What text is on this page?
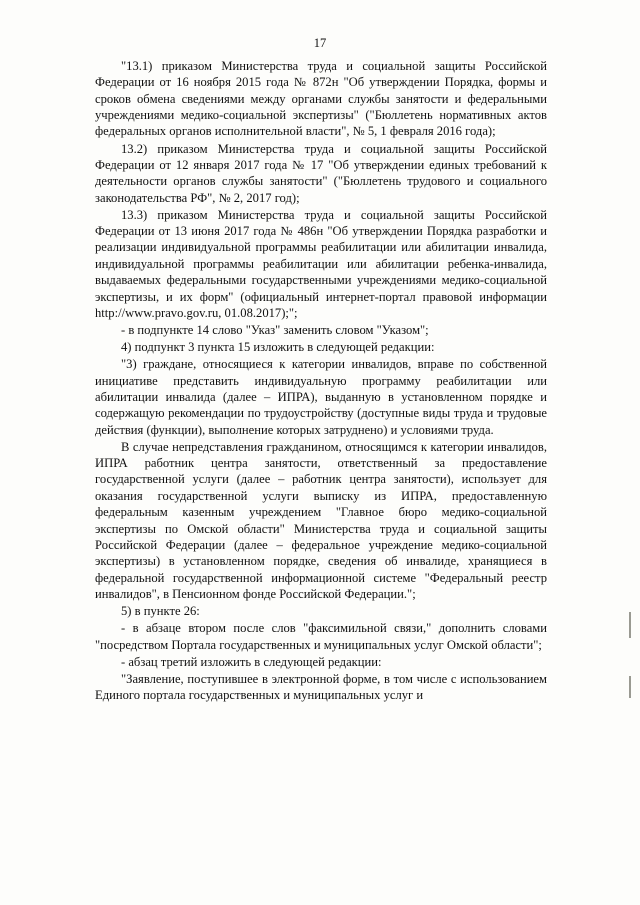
17

"13.1) приказом Министерства труда и социальной защиты Российской Федерации от 16 ноября 2015 года № 872н "Об утверждении Порядка, формы и сроков обмена сведениями между органами службы занятости и федеральными учреждениями медико-социальной экспертизы" ("Бюллетень нормативных актов федеральных органов исполнительной власти", № 5, 1 февраля 2016 года);

13.2) приказом Министерства труда и социальной защиты Российской Федерации от 12 января 2017 года № 17 "Об утверждении единых требований к деятельности органов службы занятости" ("Бюллетень трудового и социального законодательства РФ", № 2, 2017 год);

13.3) приказом Министерства труда и социальной защиты Российской Федерации от 13 июня 2017 года № 486н "Об утверждении Порядка разработки и реализации индивидуальной программы реабилитации или абилитации инвалида, индивидуальной программы реабилитации или абилитации ребенка-инвалида, выдаваемых федеральными государственными учреждениями медико-социальной экспертизы, и их форм" (официальный интернет-портал правовой информации http://www.pravo.gov.ru, 01.08.2017);";

- в подпункте 14 слово "Указ" заменить словом "Указом";

4) подпункт 3 пункта 15 изложить в следующей редакции:

"3) граждане, относящиеся к категории инвалидов, вправе по собственной инициативе представить индивидуальную программу реабилитации или абилитации инвалида (далее – ИПРА), выданную в установленном порядке и содержащую рекомендации по трудоустройству (доступные виды труда и трудовые действия (функции), выполнение которых затруднено) и условиями труда.

В случае непредставления гражданином, относящимся к категории инвалидов, ИПРА работник центра занятости, ответственный за предоставление государственной услуги (далее – работник центра занятости), использует для оказания государственной услуги выписку из ИПРА, предоставленную федеральным казенным учреждением "Главное бюро медико-социальной экспертизы по Омской области" Министерства труда и социальной защиты Российской Федерации (далее – федеральное учреждение медико-социальной экспертизы) в установленном порядке, сведения об инвалиде, хранящиеся в федеральной государственной информационной системе "Федеральный реестр инвалидов", в Пенсионном фонде Российской Федерации.";

5) в пункте 26:

- в абзаце втором после слов "факсимильной связи," дополнить словами "посредством Портала государственных и муниципальных услуг Омской области";

- абзац третий изложить в следующей редакции:

"Заявление, поступившее в электронной форме, в том числе с использованием Единого портала государственных и муниципальных услуг и
